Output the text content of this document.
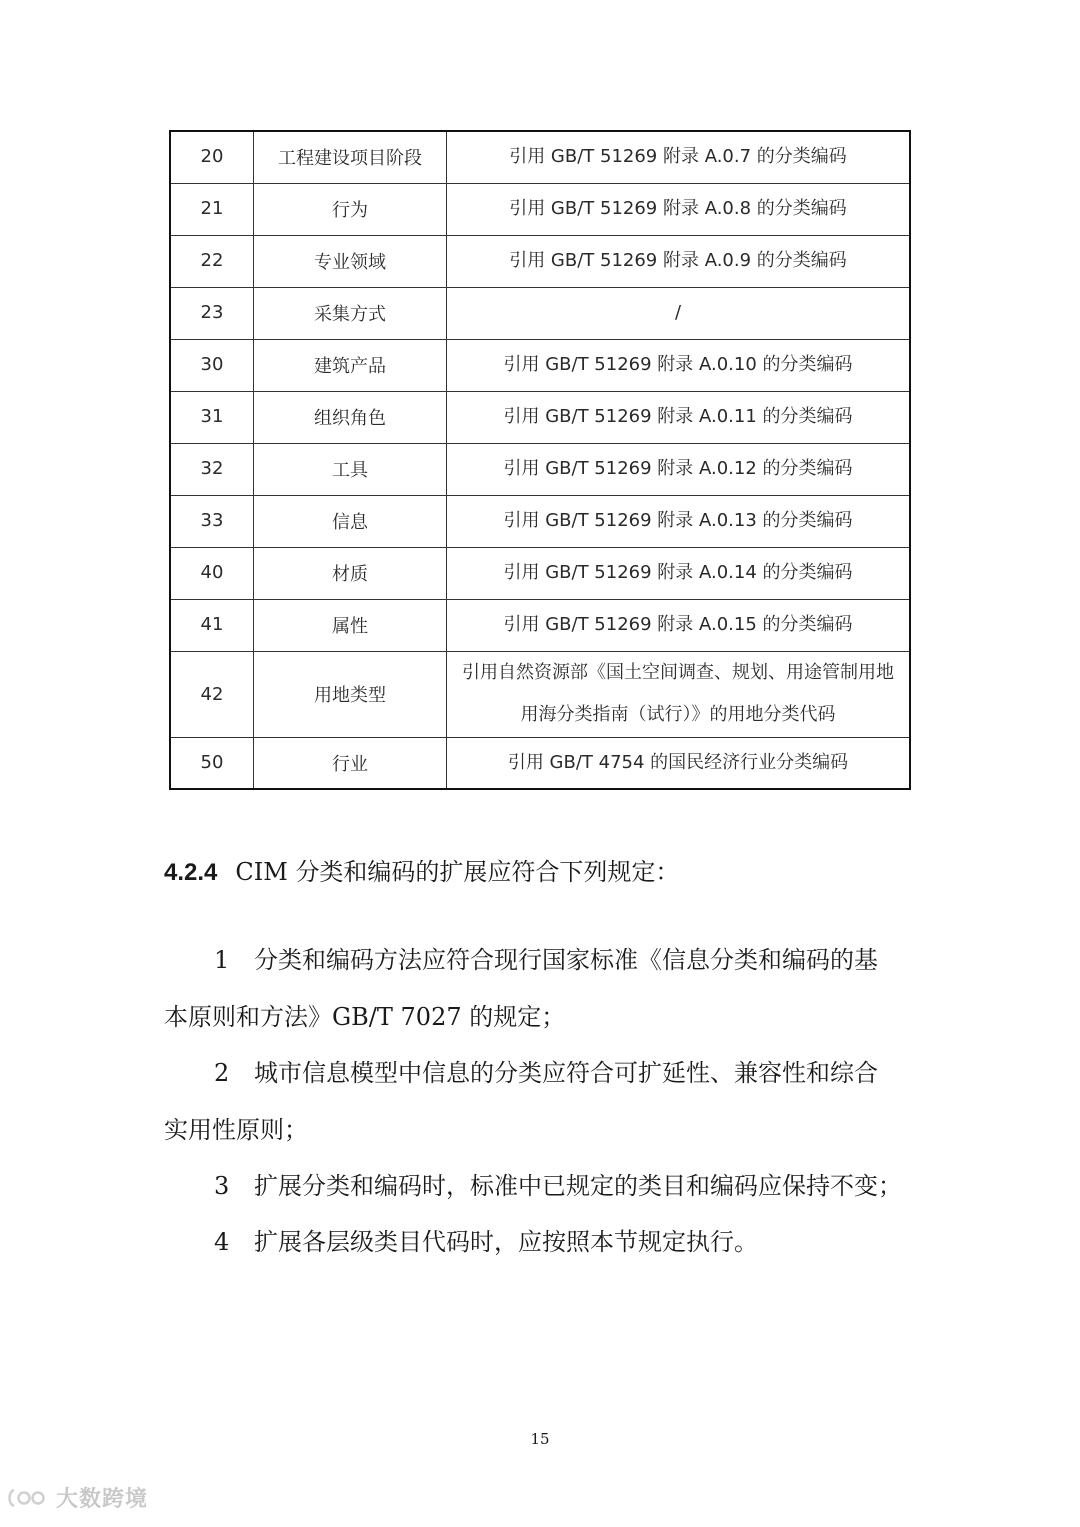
20	工程建设项目阶段	引用 GB/T 51269 附录 A.0.7 的分类编码
21	行为	引用 GB/T 51269 附录 A.0.8 的分类编码
22	专业领域	引用 GB/T 51269 附录 A.0.9 的分类编码
23	采集方式	/
30	建筑产品	引用 GB/T 51269 附录 A.0.10 的分类编码
31	组织角色	引用 GB/T 51269 附录 A.0.11 的分类编码
32	工具	引用 GB/T 51269 附录 A.0.12 的分类编码
33	信息	引用 GB/T 51269 附录 A.0.13 的分类编码
40	材质	引用 GB/T 51269 附录 A.0.14 的分类编码
41	属性	引用 GB/T 51269 附录 A.0.15 的分类编码
42	用地类型	引用自然资源部《国土空间调查、规划、用途管制用地
用海分类指南（试行）》的用地分类代码

50	行业	引用 GB/T 4754 的国民经济行业分类编码
4.2.4 CIM 分类和编码的扩展应符合下列规定：
1 分类和编码方法应符合现行国家标准《信息分类和编码的基
本原则和方法》GB/T 7027 的规定；
2 城市信息模型中信息的分类应符合可扩延性、兼容性和综合
实用性原则；
3 扩展分类和编码时，标准中已规定的类目和编码应保持不变；
4 扩展各层级类目代码时，应按照本节规定执行。
15
大数跨境
